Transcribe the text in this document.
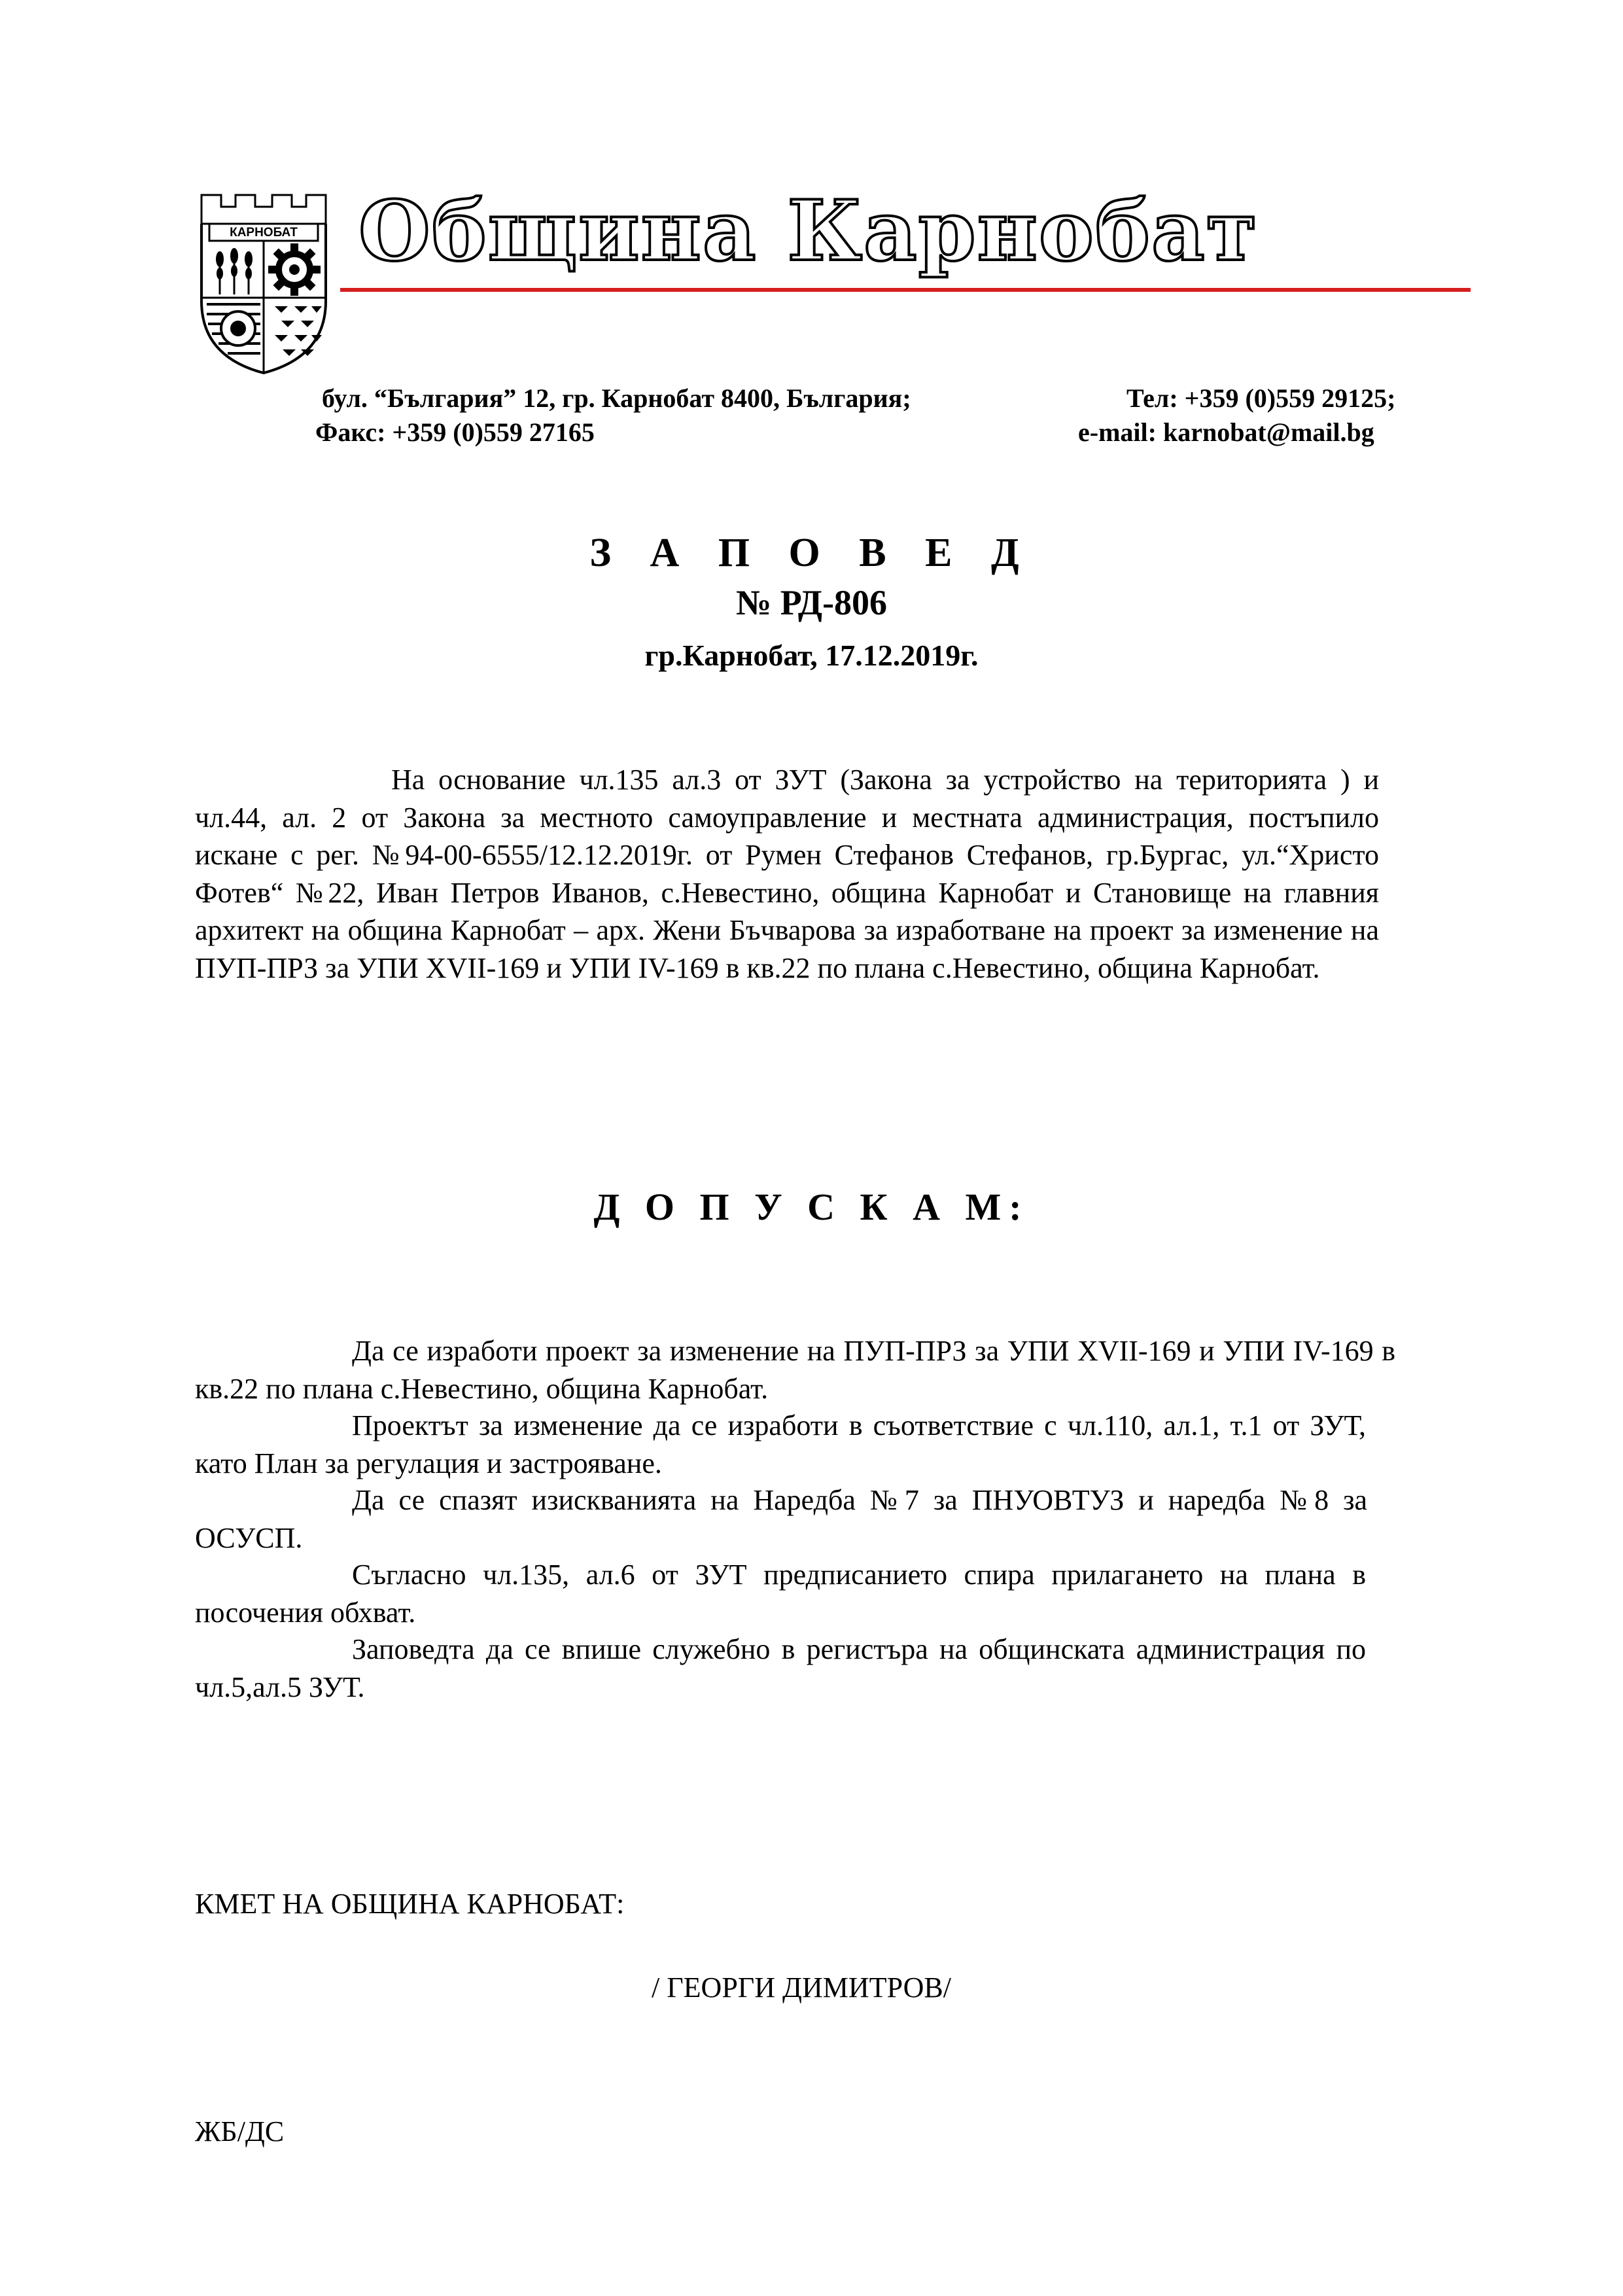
КАРНОБАТ Община Карнобат
бул. “България” 12, гр. Карнобат 8400, България;	Тел: +359 (0)559 29125;
Факс: +359 (0)559 27165	e-mail: karnobat@mail.bg
З А П О В Е Д
№ РД-806
гр.Карнобат, 17.12.2019г.
На основание чл.135 ал.3 от ЗУТ (Закона за устройство на територията ) и чл.44, ал. 2 от Закона за местното самоуправление и местната администрация, постъпило искане с рег. №94-00-6555/12.12.2019г. от Румен Стефанов Стефанов, гр.Бургас, ул.“Христо Фотев“ №22, Иван Петров Иванов, с.Невестино, община Карнобат и Становище на главния архитект на община Карнобат – арх. Жени Бъчварова за изработване на проект за изменение на ПУП-ПРЗ за УПИ XVII-169 и УПИ IV-169 в кв.22 по плана с.Невестино, община Карнобат.
Д О П У С К А М:
Да се изработи проект за изменение на ПУП-ПРЗ за УПИ XVII-169 и УПИ IV-169 в кв.22 по плана с.Невестино, община Карнобат.
Проектът за изменение да се изработи в съответствие с чл.110, ал.1, т.1 от ЗУТ, като План за регулация и застрояване.
Да се спазят изискванията на Наредба №7 за ПНУОВТУЗ и наредба №8 за ОСУСП.
Съгласно чл.135, ал.6 от ЗУТ предписанието спира прилагането на плана в посочения обхват.
Заповедта да се впише служебно в регистъра на общинската администрация по чл.5,ал.5 ЗУТ.
КМЕТ НА ОБЩИНА КАРНОБАТ:
/ ГЕОРГИ ДИМИТРОВ/
ЖБ/ДС
